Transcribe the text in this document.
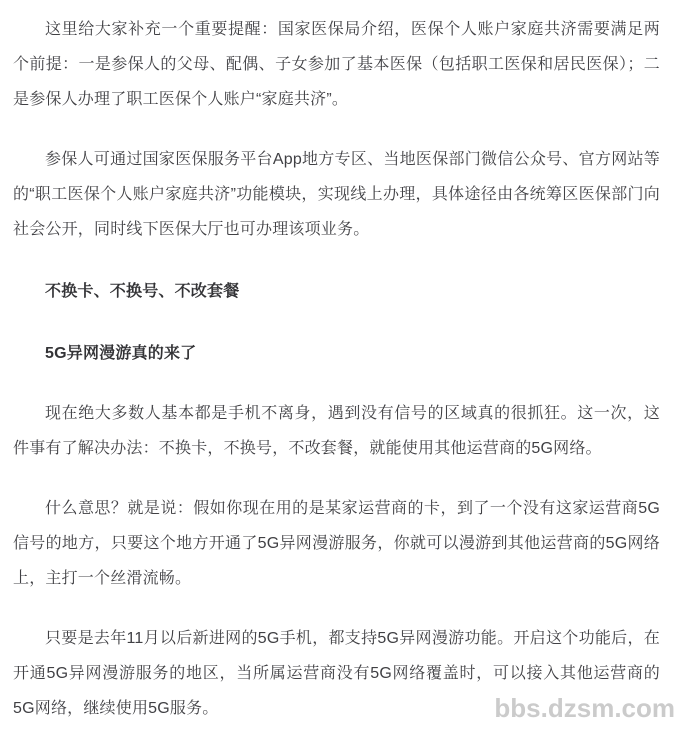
这里给大家补充一个重要提醒：国家医保局介绍，医保个人账户家庭共济需要满足两个前提：一是参保人的父母、配偶、子女参加了基本医保（包括职工医保和居民医保）；二是参保人办理了职工医保个人账户“家庭共济”。

参保人可通过国家医保服务平台App地方专区、当地医保部门微信公众号、官方网站等的“职工医保个人账户家庭共济”功能模块，实现线上办理，具体途径由各统筹区医保部门向社会公开，同时线下医保大厅也可办理该项业务。

不换卡、不换号、不改套餐
5G异网漫游真的来了

现在绝大多数人基本都是手机不离身，遇到没有信号的区域真的很抓狂。这一次，这件事有了解决办法：不换卡，不换号，不改套餐，就能使用其他运营商的5G网络。

什么意思？就是说：假如你现在用的是某家运营商的卡，到了一个没有这家运营商5G信号的地方，只要这个地方开通了5G异网漫游服务，你就可以漫游到其他运营商的5G网络上，主打一个丝滑流畅。

只要是去年11月以后新进网的5G手机，都支持5G异网漫游功能。开启这个功能后，在开通5G异网漫游服务的地区，当所属运营商没有5G网络覆盖时，可以接入其他运营商的5G网络，继续使用5G服务。	bbs.dzsm.com
